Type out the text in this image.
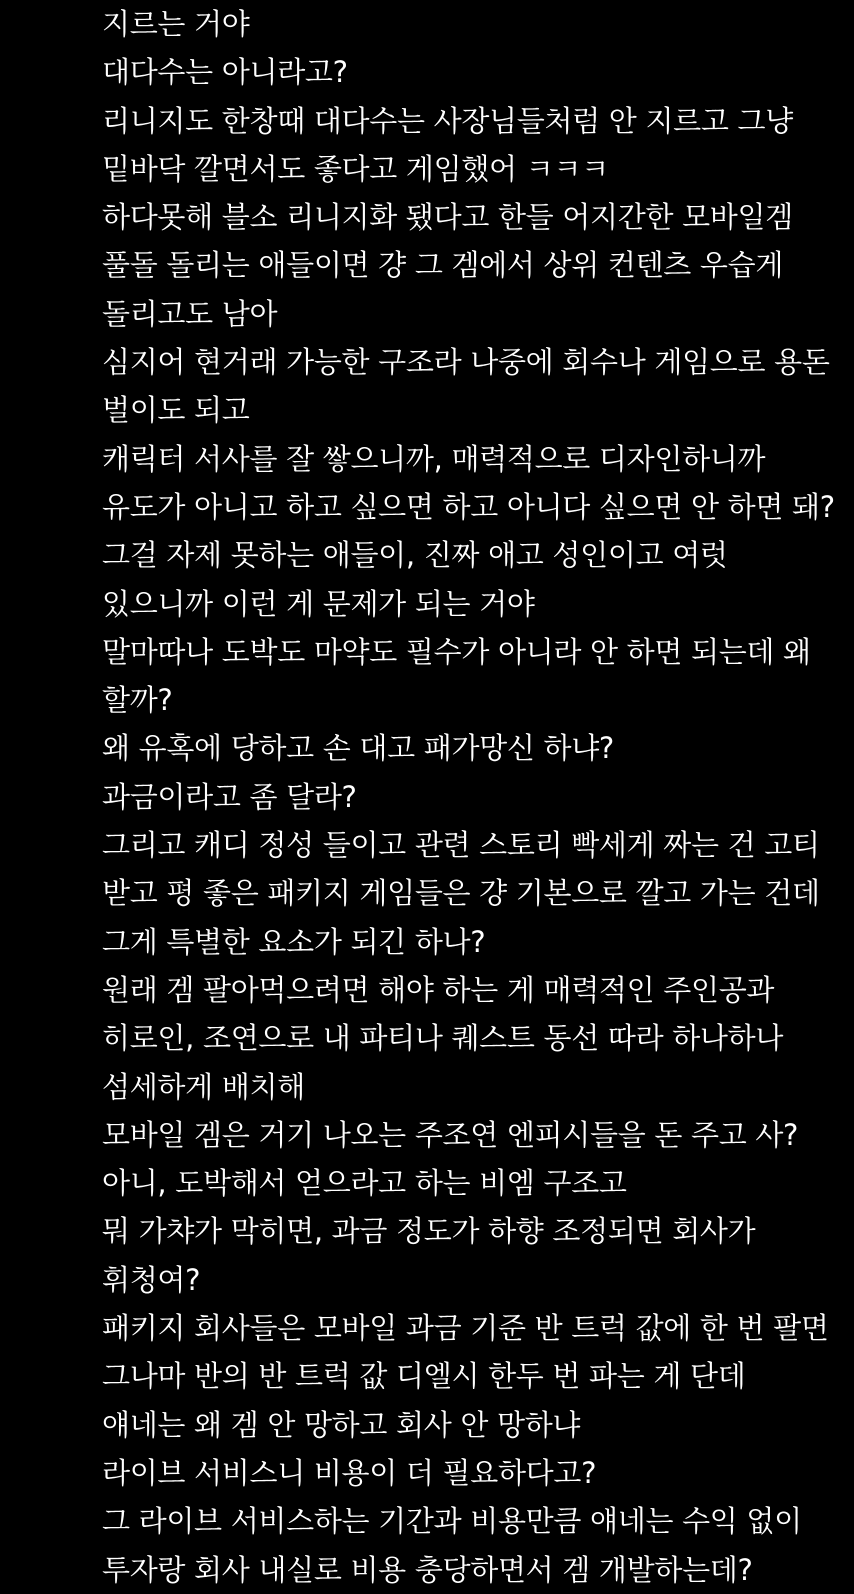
지르는 거야
대다수는 아니라고?
리니지도 한창때 대다수는 사장님들처럼 안 지르고 그냥
밑바닥 깔면서도 좋다고 게임했어 ㅋㅋㅋ
하다못해 블소 리니지화 됐다고 한들 어지간한 모바일겜
풀돌 돌리는 애들이면 걍 그 겜에서 상위 컨텐츠 우습게
돌리고도 남아
심지어 현거래 가능한 구조라 나중에 회수나 게임으로 용돈
벌이도 되고
캐릭터 서사를 잘 쌓으니까, 매력적으로 디자인하니까
유도가 아니고 하고 싶으면 하고 아니다 싶으면 안 하면 돼?
그걸 자제 못하는 애들이, 진짜 애고 성인이고 여럿
있으니까 이런 게 문제가 되는 거야
말마따나 도박도 마약도 필수가 아니라 안 하면 되는데 왜
할까?
왜 유혹에 당하고 손 대고 패가망신 하냐?
과금이라고 좀 달라?
그리고 캐디 정성 들이고 관련 스토리 빡세게 짜는 건 고티
받고 평 좋은 패키지 게임들은 걍 기본으로 깔고 가는 건데
그게 특별한 요소가 되긴 하나?
원래 겜 팔아먹으려면 해야 하는 게 매력적인 주인공과
히로인, 조연으로 내 파티나 퀘스트 동선 따라 하나하나
섬세하게 배치해
모바일 겜은 거기 나오는 주조연 엔피시들을 돈 주고 사?
아니, 도박해서 얻으라고 하는 비엠 구조고
뭐 가챠가 막히면, 과금 정도가 하향 조정되면 회사가
휘청여?
패키지 회사들은 모바일 과금 기준 반 트럭 값에 한 번 팔면
그나마 반의 반 트럭 값 디엘시 한두 번 파는 게 단데
얘네는 왜 겜 안 망하고 회사 안 망하냐
라이브 서비스니 비용이 더 필요하다고?
그 라이브 서비스하는 기간과 비용만큼 얘네는 수익 없이
투자랑 회사 내실로 비용 충당하면서 겜 개발하는데?
